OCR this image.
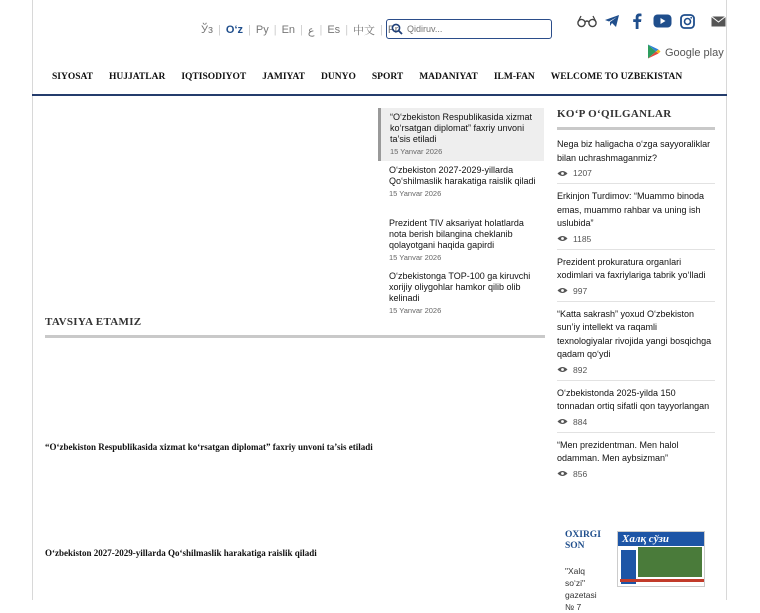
Ўз | O‘z | Ру | En | ع | Es | 中文 | Fr
Qidiruv...
Google play
SIYOSAT HUJJATLAR IQTISODIYOT JAMIYAT DUNYO SPORT MADANIYAT ILM-FAN WELCOME TO UZBEKISTAN
“O‘zbekiston Respublikasida xizmat ko‘rsatgan diplomat” faxriy unvoni ta’sis etiladi
15 Yanvar 2026
O‘zbekiston 2027-2029-yillarda Qo‘shilmaslik harakatiga raislik qiladi
15 Yanvar 2026
Prezident TIV aksariyat holatlarda nota berish bilangina cheklanib qolayotgani haqida gapirdi
15 Yanvar 2026
O‘zbekistonga TOP-100 ga kiruvchi xorijiy oliygohlar hamkor qilib olib kelinadi
15 Yanvar 2026
TAVSIYA ETAMIZ
“O‘zbekiston Respublikasida xizmat ko‘rsatgan diplomat” faxriy unvoni ta’sis etiladi
O‘zbekiston 2027-2029-yillarda Qo‘shilmaslik harakatiga raislik qiladi
KO‘P O‘QILGANLAR
Nega biz haligacha o‘zga sayyoraliklar bilan uchrashmaganmiz?
1207
Erkinjon Turdimov: “Muammo binoda emas, muammo rahbar va uning ish uslubida”
1185
Prezident prokuratura organlari xodimlari va faxriylariga tabrik yo‘lladi
997
“Katta sakrash” yoxud O‘zbekiston sun’iy intellekt va raqamli texnologiyalar rivojida yangi bosqichga qadam qo‘ydi
892
O‘zbekistonda 2025-yilda 150 tonnadan ortiq sifatli qon tayyorlangan
884
“Men prezidentman. Men halol odamman. Men aybsizman”
856
OXIRGI SON
"Xalq so‘zi" gazetasi № 7
Халқ сўзи
